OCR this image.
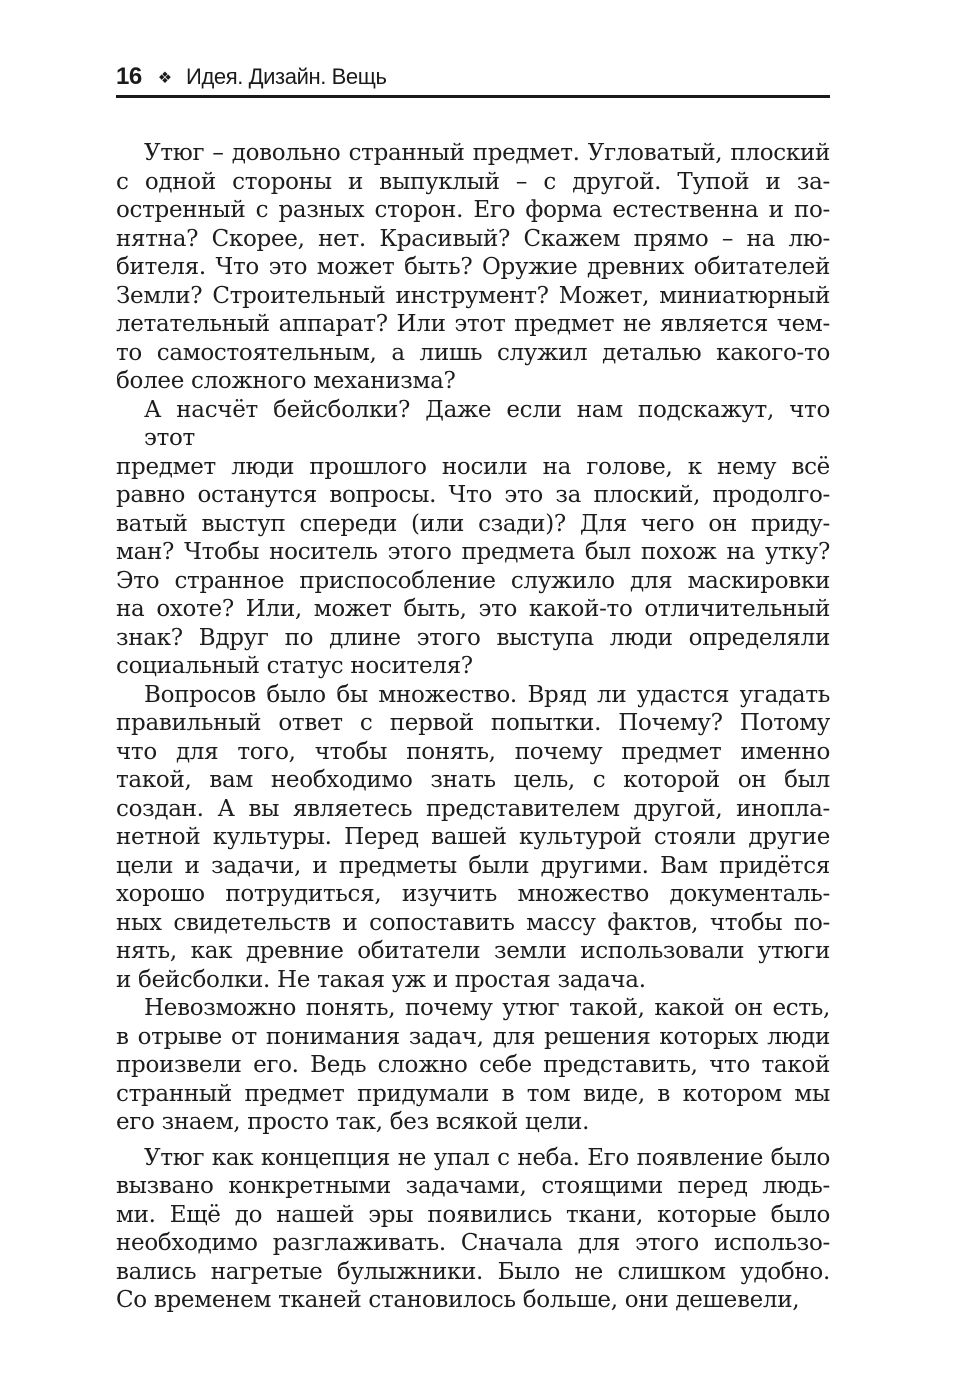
16 ❖ Идея. Дизайн. Вещь
Утюг – довольно странный предмет. Угловатый, плоский
с одной стороны и выпуклый – с другой. Тупой и за-
остренный с разных сторон. Его форма естественна и по-
нятна? Скорее, нет. Красивый? Скажем прямо – на лю-
бителя. Что это может быть? Оружие древних обитателей
Земли? Строительный инструмент? Может, миниатюрный
летательный аппарат? Или этот предмет не является чем-
то самостоятельным, а лишь служил деталью какого-то
более сложного механизма?
А насчёт бейсболки? Даже если нам подскажут, что этот
предмет люди прошлого носили на голове, к нему всё
равно останутся вопросы. Что это за плоский, продолго-
ватый выступ спереди (или сзади)? Для чего он приду-
ман? Чтобы носитель этого предмета был похож на утку?
Это странное приспособление служило для маскировки
на охоте? Или, может быть, это какой-то отличительный
знак? Вдруг по длине этого выступа люди определяли
социальный статус носителя?
Вопросов было бы множество. Вряд ли удастся угадать
правильный ответ с первой попытки. Почему? Потому
что для того, чтобы понять, почему предмет именно
такой, вам необходимо знать цель, с которой он был
создан. А вы являетесь представителем другой, инопла-
нетной культуры. Перед вашей культурой стояли другие
цели и задачи, и предметы были другими. Вам придётся
хорошо потрудиться, изучить множество документаль-
ных свидетельств и сопоставить массу фактов, чтобы по-
нять, как древние обитатели земли использовали утюги
и бейсболки. Не такая уж и простая задача.
Невозможно понять, почему утюг такой, какой он есть,
в отрыве от понимания задач, для решения которых люди
произвели его. Ведь сложно себе представить, что такой
странный предмет придумали в том виде, в котором мы
его знаем, просто так, без всякой цели.
Утюг как концепция не упал с неба. Его появление было
вызвано конкретными задачами, стоящими перед людь-
ми. Ещё до нашей эры появились ткани, которые было
необходимо разглаживать. Сначала для этого использо-
вались нагретые булыжники. Было не слишком удобно.
Со временем тканей становилось больше, они дешевели,
